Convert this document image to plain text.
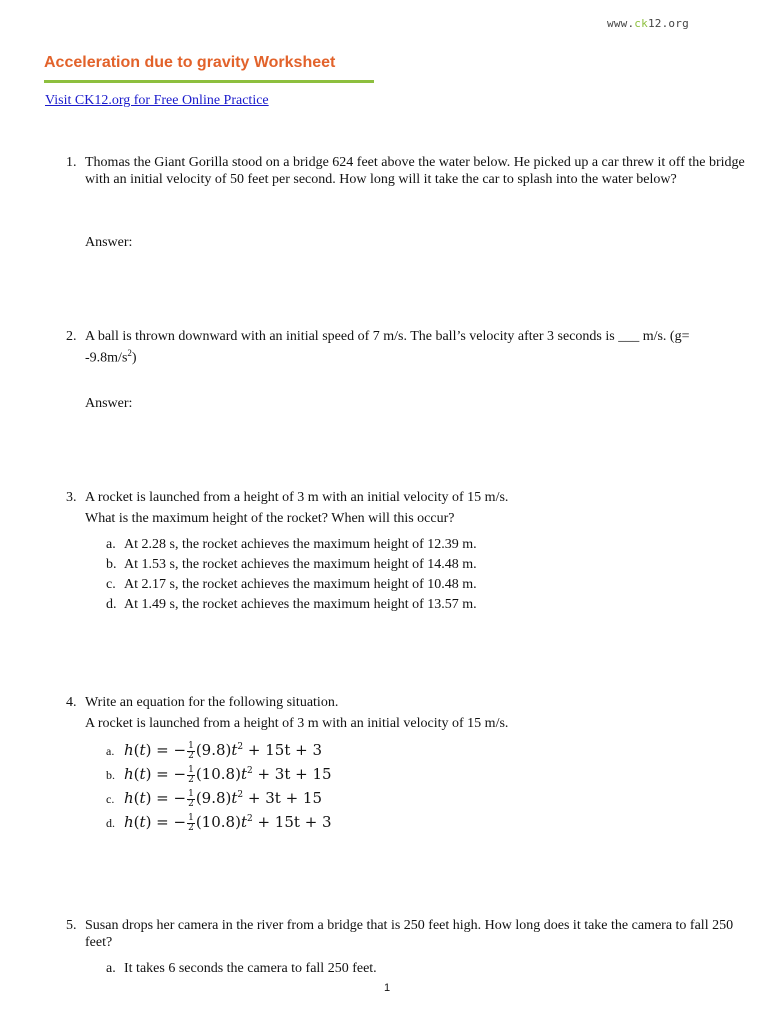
www.ck12.org
Acceleration due to gravity Worksheet
Visit CK12.org for Free Online Practice
1. Thomas the Giant Gorilla stood on a bridge 624 feet above the water below. He picked up a car threw it off the bridge with an initial velocity of 50 feet per second. How long will it take the car to splash into the water below?
Answer:
2. A ball is thrown downward with an initial speed of 7 m/s. The ball’s velocity after 3 seconds is ___ m/s. (g=
$-9.8m/s^2$)
Answer:
3. A rocket is launched from a height of 3 m with an initial velocity of 15 m/s.
What is the maximum height of the rocket? When will this occur?
a. At 2.28 s, the rocket achieves the maximum height of 12.39 m.
b. At 1.53 s, the rocket achieves the maximum height of 14.48 m.
c. At 2.17 s, the rocket achieves the maximum height of 10.48 m.
d. At 1.49 s, the rocket achieves the maximum height of 13.57 m.
4. Write an equation for the following situation.
A rocket is launched from a height of 3 m with an initial velocity of 15 m/s.
a. h(t) = − $\frac{1}{2} (9.8)t^2 + 15t + 3$
b. h(t) = − $\frac{1}{2} (10.8)t^2 + 3t + 15$
c. h(t) = − $\frac{1}{2} (9.8)t^2 + 3t + 15$
d. h(t) = − $\frac{1}{2} (10.8)t^2 + 15t + 3$
5. Susan drops her camera in the river from a bridge that is 250 feet high. How long does it take the camera to fall 250 feet?
a. It takes 6 seconds the camera to fall 250 feet.
1
